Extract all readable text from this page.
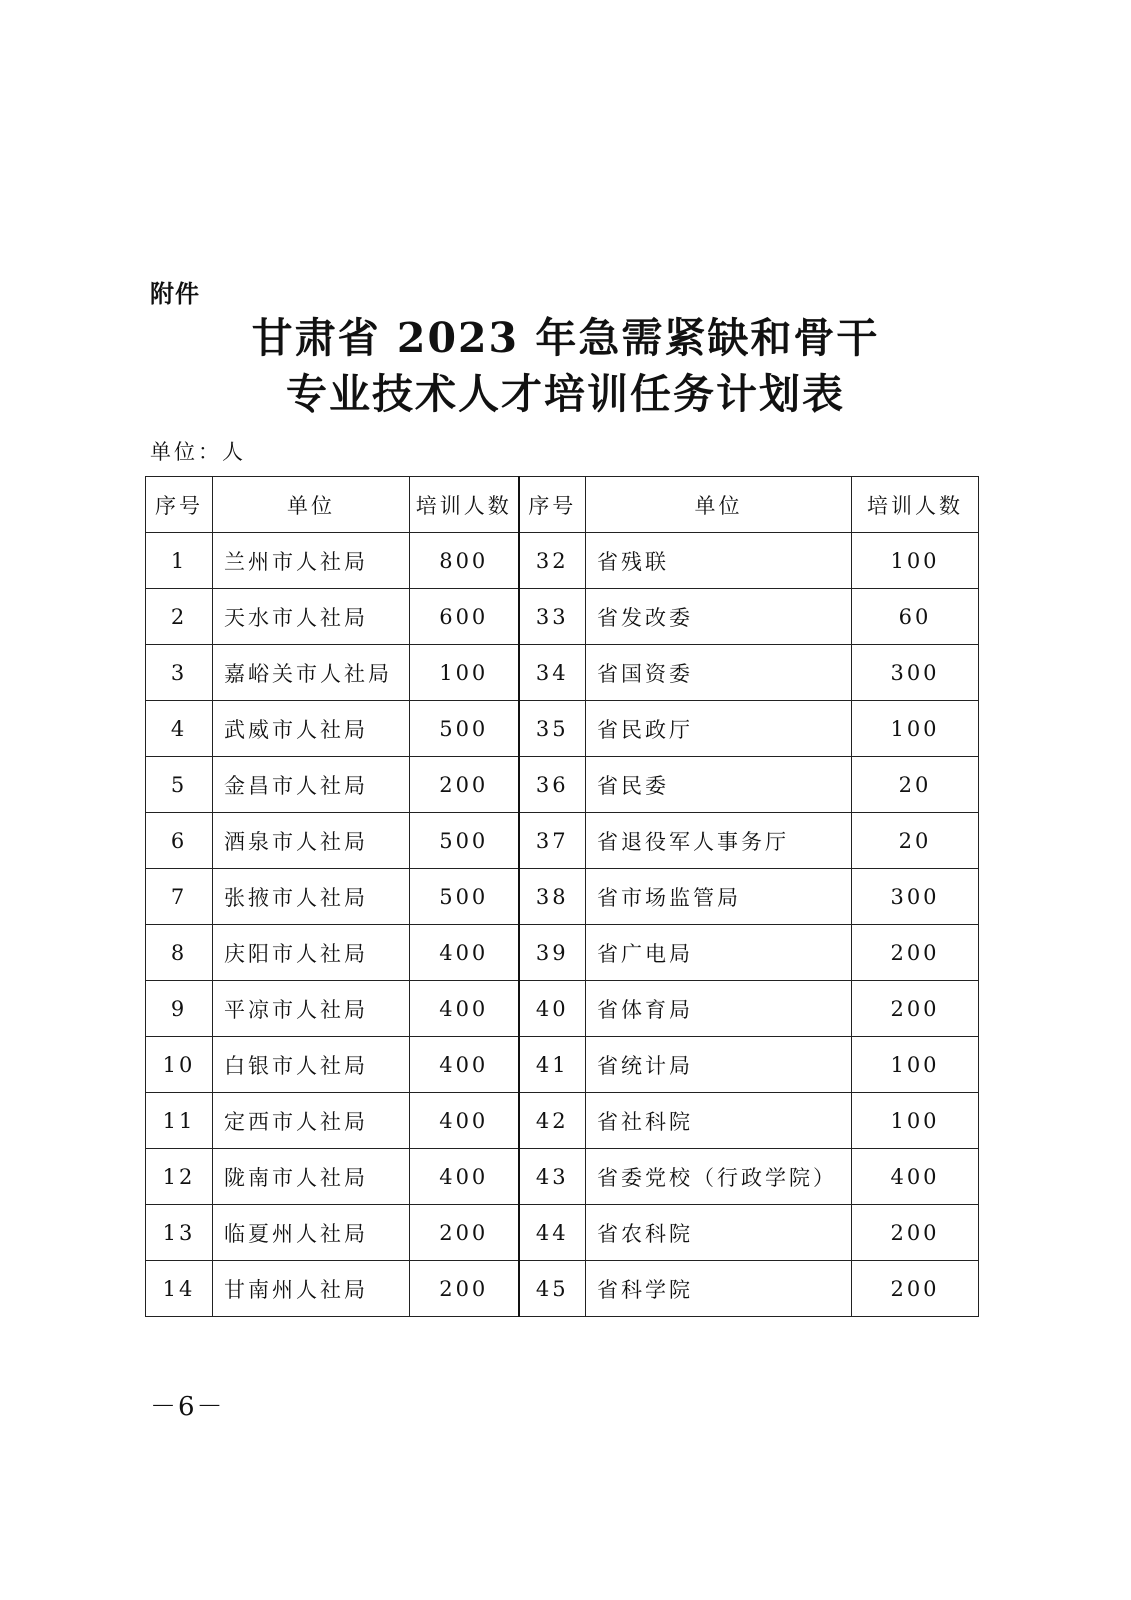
附件
甘肃省 2023 年急需紧缺和骨干
专业技术人才培训任务计划表
单位：人
序号	单位	培训人数	序号	单位	培训人数
1	兰州市人社局	800	32	省残联	100
2	天水市人社局	600	33	省发改委	60
3	嘉峪关市人社局	100	34	省国资委	300
4	武威市人社局	500	35	省民政厅	100
5	金昌市人社局	200	36	省民委	20
6	酒泉市人社局	500	37	省退役军人事务厅	20
7	张掖市人社局	500	38	省市场监管局	300
8	庆阳市人社局	400	39	省广电局	200
9	平凉市人社局	400	40	省体育局	200
10	白银市人社局	400	41	省统计局	100
11	定西市人社局	400	42	省社科院	100
12	陇南市人社局	400	43	省委党校（行政学院）	400
13	临夏州人社局	200	44	省农科院	200
14	甘南州人社局	200	45	省科学院	200
－6－
